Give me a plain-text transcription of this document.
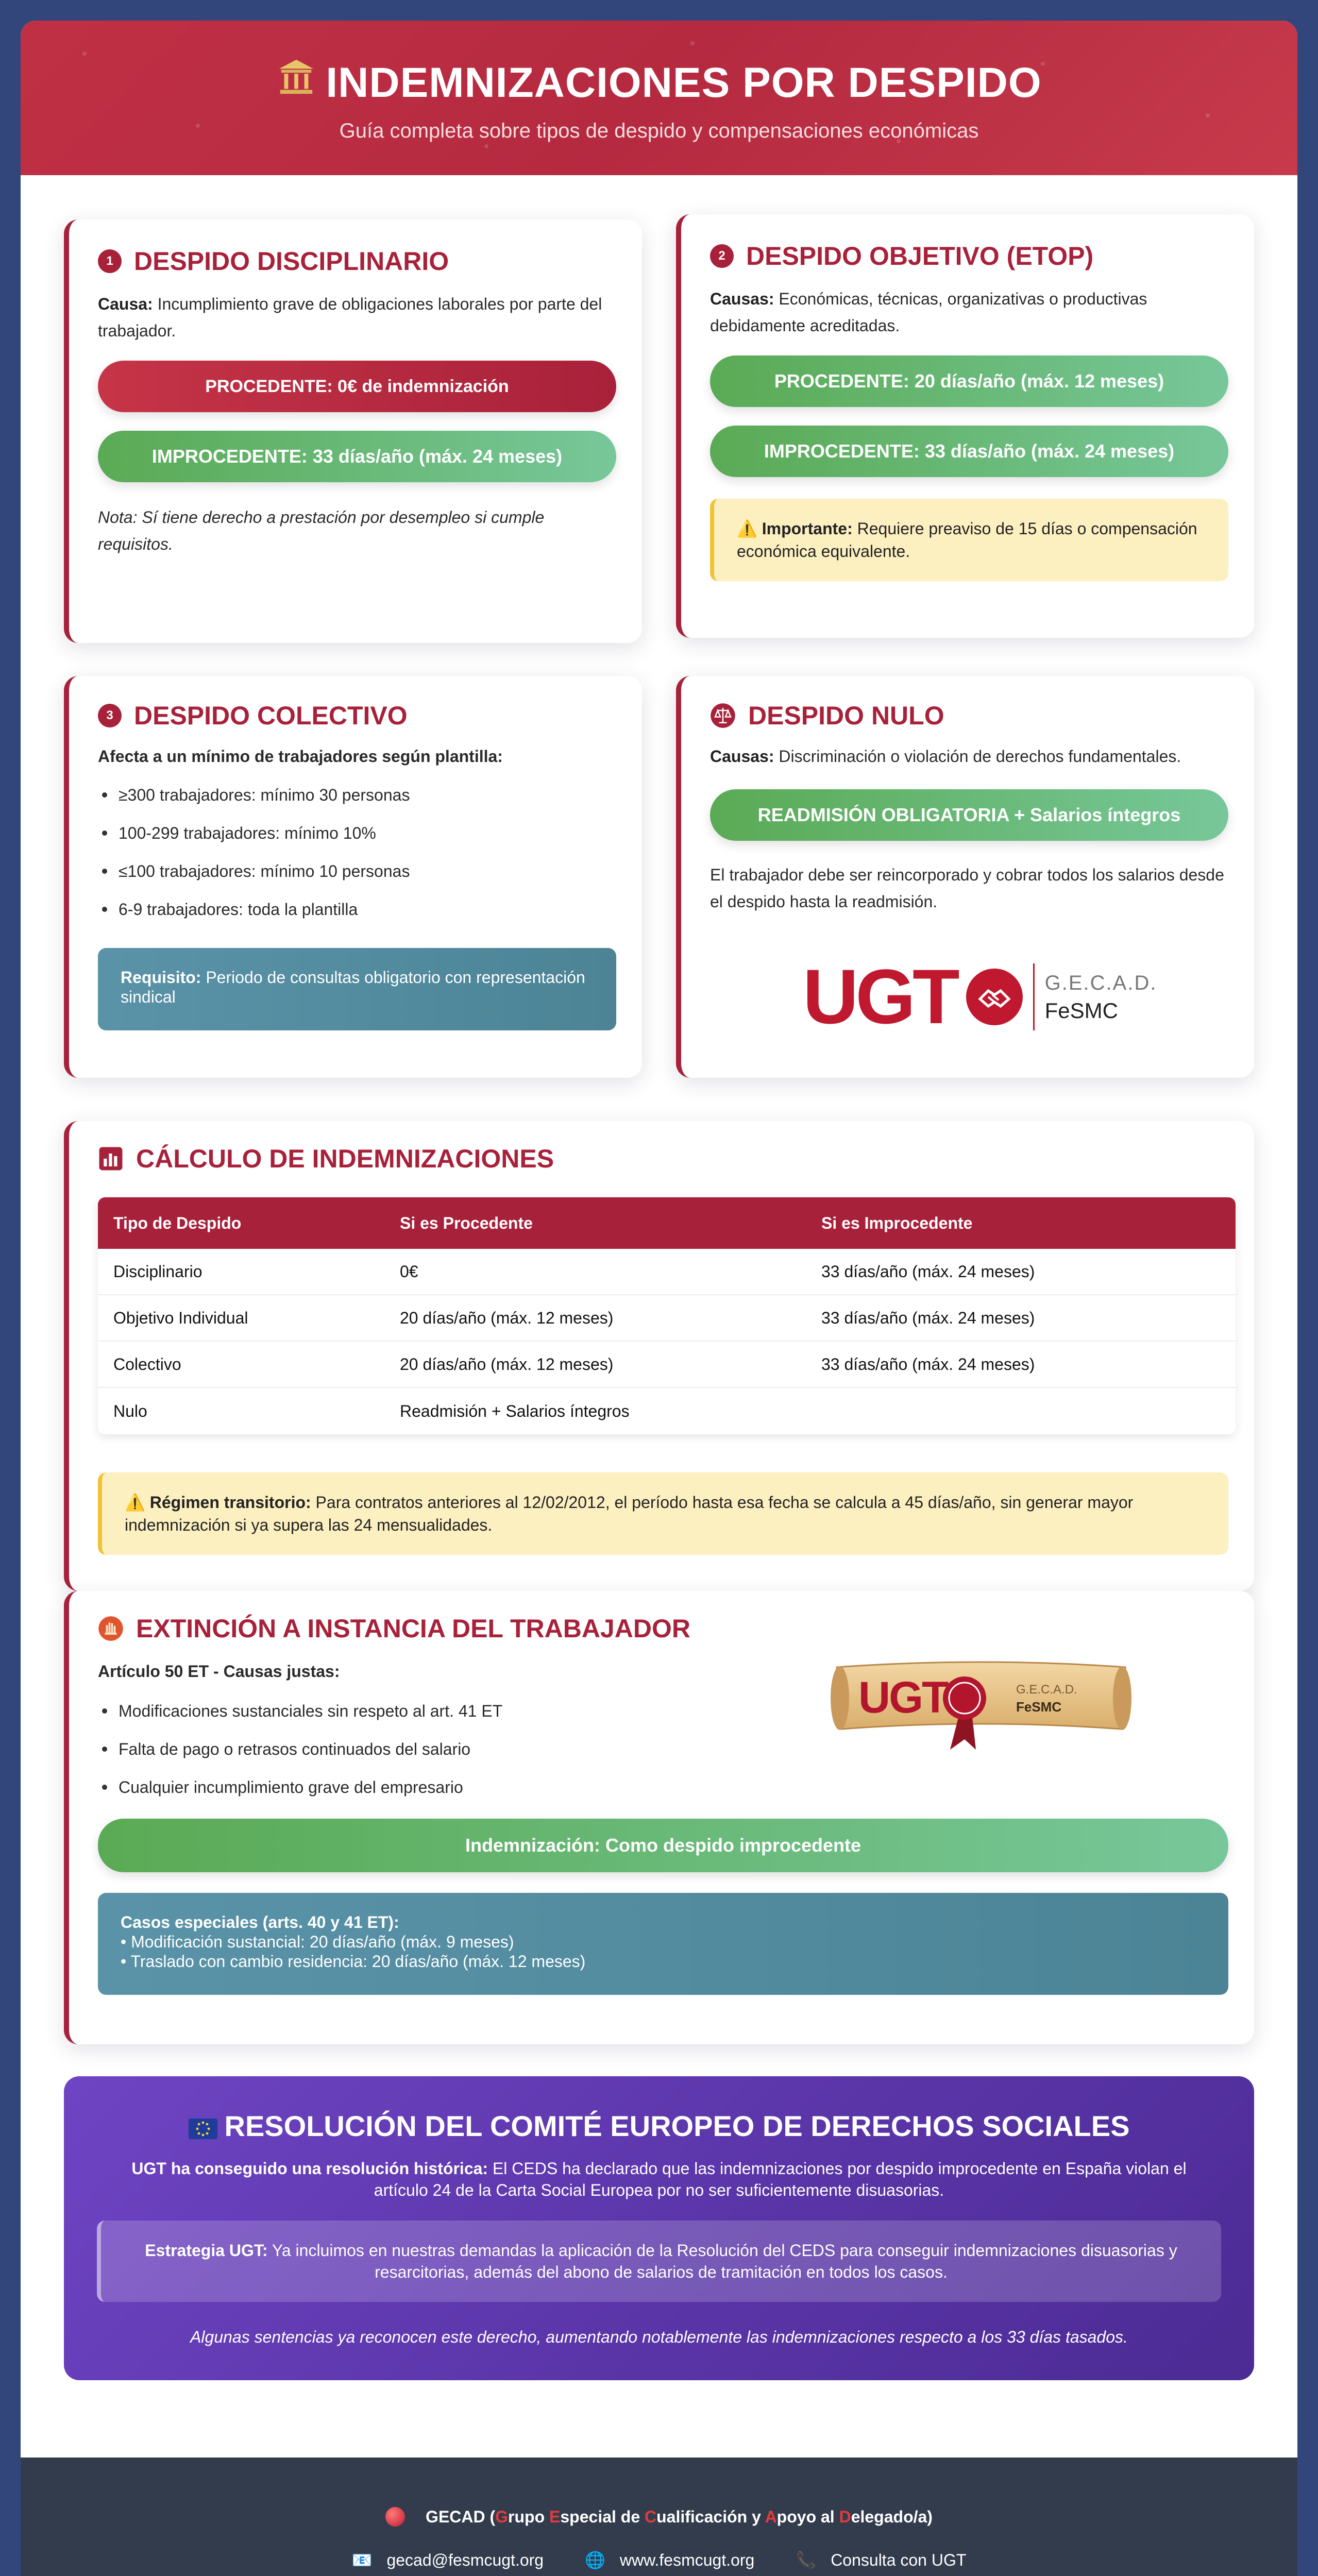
INDEMNIZACIONES POR DESPIDO
Guía completa sobre tipos de despido y compensaciones económicas
1 DESPIDO DISCIPLINARIO
Causa: Incumplimiento grave de obligaciones laborales por parte del trabajador.
PROCEDENTE: 0€ de indemnización
IMPROCEDENTE: 33 días/año (máx. 24 meses)
Nota: Sí tiene derecho a prestación por desempleo si cumple requisitos.
2 DESPIDO OBJETIVO (ETOP)
Causas: Económicas, técnicas, organizativas o productivas debidamente acreditadas.
PROCEDENTE: 20 días/año (máx. 12 meses)
IMPROCEDENTE: 33 días/año (máx. 24 meses)
⚠️ Importante: Requiere preaviso de 15 días o compensación económica equivalente.
3 DESPIDO COLECTIVO
Afecta a un mínimo de trabajadores según plantilla:
≥300 trabajadores: mínimo 30 personas
100-299 trabajadores: mínimo 10%
≤100 trabajadores: mínimo 10 personas
6-9 trabajadores: toda la plantilla
Requisito: Periodo de consultas obligatorio con representación sindical
DESPIDO NULO
Causas: Discriminación o violación de derechos fundamentales.
READMISIÓN OBLIGATORIA + Salarios íntegros
El trabajador debe ser reincorporado y cobrar todos los salarios desde el despido hasta la readmisión.
UGT	G.E.C.A.D.
FeSMC
CÁLCULO DE INDEMNIZACIONES
Tipo de Despido	Si es Procedente	Si es Improcedente
Disciplinario	0€	33 días/año (máx. 24 meses)
Objetivo Individual	20 días/año (máx. 12 meses)	33 días/año (máx. 24 meses)
Colectivo	20 días/año (máx. 12 meses)	33 días/año (máx. 24 meses)
Nulo	Readmisión + Salarios íntegros
⚠️ Régimen transitorio: Para contratos anteriores al 12/02/2012, el período hasta esa fecha se calcula a 45 días/año, sin generar mayor indemnización si ya supera las 24 mensualidades.
EXTINCIÓN A INSTANCIA DEL TRABAJADOR
Artículo 50 ET - Causas justas:
Modificaciones sustanciales sin respeto al art. 41 ET
Falta de pago o retrasos continuados del salario
Cualquier incumplimiento grave del empresario
UGT	G.E.C.A.D.
FeSMC
Indemnización: Como despido improcedente
Casos especiales (arts. 40 y 41 ET):
• Modificación sustancial: 20 días/año (máx. 9 meses)
• Traslado con cambio residencia: 20 días/año (máx. 12 meses)
RESOLUCIÓN DEL COMITÉ EUROPEO DE DERECHOS SOCIALES
UGT ha conseguido una resolución histórica: El CEDS ha declarado que las indemnizaciones por despido improcedente en España violan el artículo 24 de la Carta Social Europea por no ser suficientemente disuasorias.
Estrategia UGT: Ya incluimos en nuestras demandas la aplicación de la Resolución del CEDS para conseguir indemnizaciones disuasorias y resarcitorias, además del abono de salarios de tramitación en todos los casos.
Algunas sentencias ya reconocen este derecho, aumentando notablemente las indemnizaciones respecto a los 33 días tasados.
GECAD (Grupo Especial de Cualificación y Apoyo al Delegado/a)
📧 gecad@fesmcugt.org	🌐 www.fesmcugt.org	📞 Consulta con UGT
